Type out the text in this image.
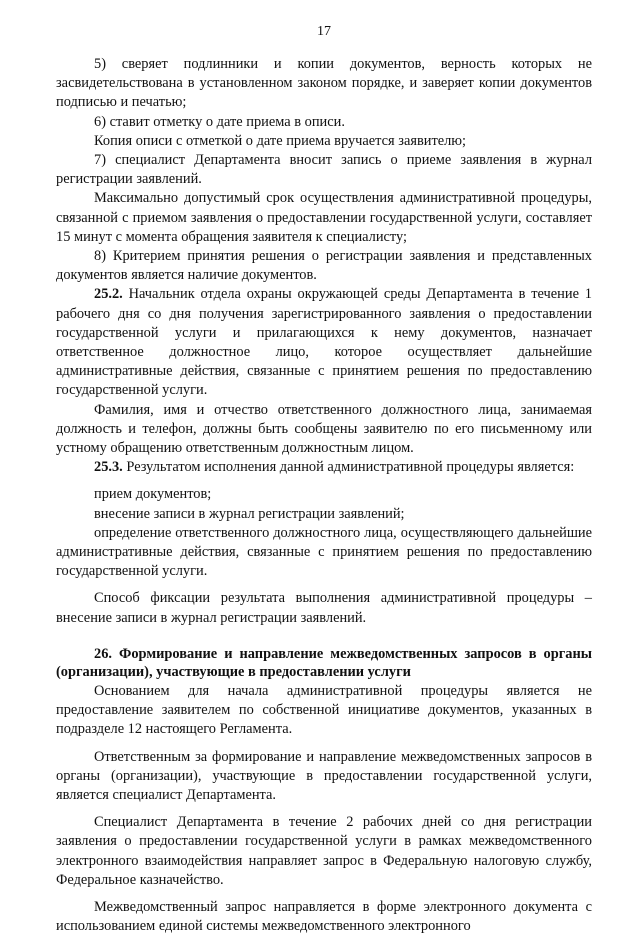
17

5) сверяет подлинники и копии документов, верность которых не засвидетельствована в установленном законом порядке, и заверяет копии документов подписью и печатью;

6) ставит отметку о дате приема в описи.

Копия описи с отметкой о дате приема вручается заявителю;

7) специалист Департамента вносит запись о приеме заявления в журнал регистрации заявлений.

Максимально допустимый срок осуществления административной процедуры, связанной с приемом заявления о предоставлении государственной услуги, составляет 15 минут с момента обращения заявителя к специалисту;

8) Критерием принятия решения о регистрации заявления и представленных документов является наличие документов.

25.2. Начальник отдела охраны окружающей среды Департамента в течение 1 рабочего дня со дня получения зарегистрированного заявления о предоставлении государственной услуги и прилагающихся к нему документов, назначает ответственное должностное лицо, которое осуществляет дальнейшие административные действия, связанные с принятием решения по предоставлению государственной услуги.

Фамилия, имя и отчество ответственного должностного лица, занимаемая должность и телефон, должны быть сообщены заявителю по его письменному или устному обращению ответственным должностным лицом.

25.3. Результатом исполнения данной административной процедуры является:

прием документов;

внесение записи в журнал регистрации заявлений;

определение ответственного должностного лица, осуществляющего дальнейшие административные действия, связанные с принятием решения по предоставлению государственной услуги.

Способ фиксации результата выполнения административной процедуры – внесение записи в журнал регистрации заявлений.

26. Формирование и направление межведомственных запросов в органы (организации), участвующие в предоставлении услуги

Основанием для начала административной процедуры является не предоставление заявителем по собственной инициативе документов, указанных в подразделе 12 настоящего Регламента.

Ответственным за формирование и направление межведомственных запросов в органы (организации), участвующие в предоставлении государственной услуги, является специалист Департамента.

Специалист Департамента в течение 2 рабочих дней со дня регистрации заявления о предоставлении государственной услуги в рамках межведомственного электронного взаимодействия направляет запрос в Федеральную налоговую службу, Федеральное казначейство.

Межведомственный запрос направляется в форме электронного документа с использованием единой системы межведомственного электронного
